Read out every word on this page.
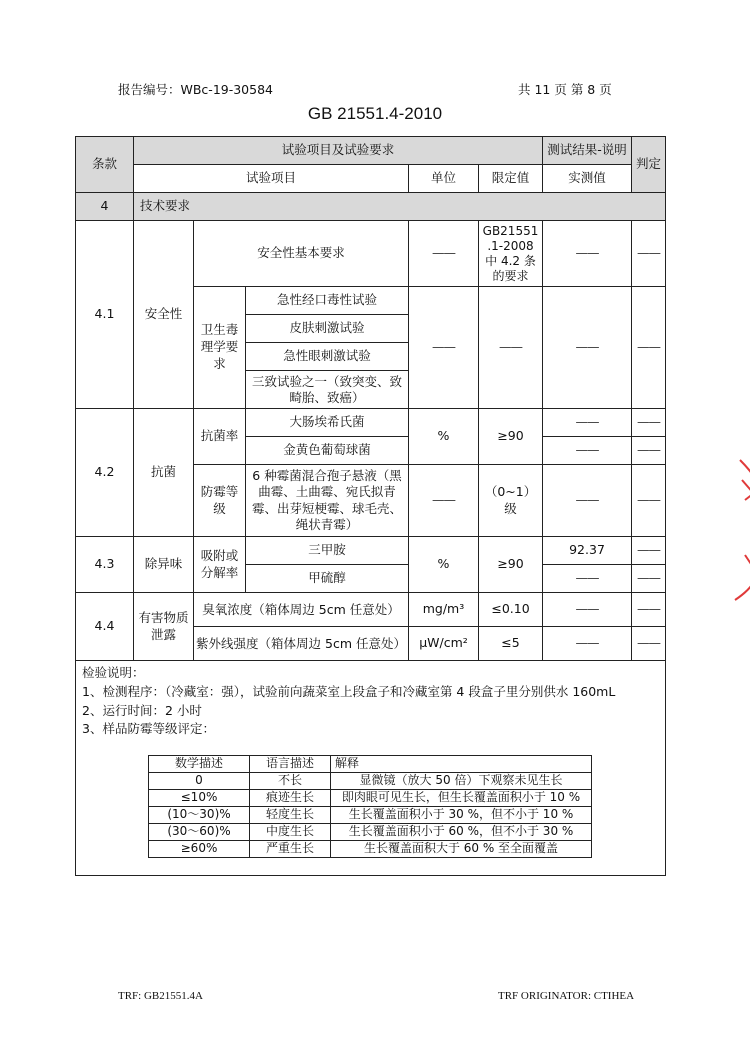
报告编号：WBc-19-30584	共 11 页 第 8 页
GB 21551.4-2010
条款	试验项目及试验要求	测试结果-说明	判定
试验项目	单位	限定值	实测值
4	技术要求
4.1	安全性	安全性基本要求	——	GB21551 .1-2008 中 4.2 条 的要求	——	——
卫生毒理学要求	急性经口毒性试验	——	——	——	——
皮肤刺激试验
急性眼刺激试验
三致试验之一（致突变、致畸胎、致癌）
4.2	抗菌	抗菌率	大肠埃希氏菌	%	≥90	——	——
金黄色葡萄球菌	——	——
防霉等级	6 种霉菌混合孢子悬液（黑曲霉、土曲霉、宛氏拟青霉、出芽短梗霉、球毛壳、绳状青霉）	——	（0~1）级	——	——
4.3	除异味	吸附或分解率	三甲胺	%	≥90	92.37	——
甲硫醇	——	——
4.4	有害物质泄露	臭氧浓度（箱体周边 5cm 任意处）	mg/m³	≤0.10	——	——
紫外线强度（箱体周边 5cm 任意处）	μW/cm²	≤5	——	——

检验说明：
1、检测程序：（冷藏室：强），试验前向蔬菜室上段盒子和冷藏室第 4 段盒子里分别供水 160mL
2、运行时间：2 小时
3、样品防霉等级评定：
数学描述	语言描述	解释
0	不长	显微镜（放大 50 倍）下观察未见生长
≤10%	痕迹生长	即肉眼可见生长，但生长覆盖面积小于 10 %
(10～30)%	轻度生长	生长覆盖面积小于 30 %，但不小于 10 %
(30～60)%	中度生长	生长覆盖面积小于 60 %，但不小于 30 %
≥60%	严重生长	生长覆盖面积大于 60 % 至全面覆盖
TRF: GB21551.4A	TRF ORIGINATOR: CTIHEA
